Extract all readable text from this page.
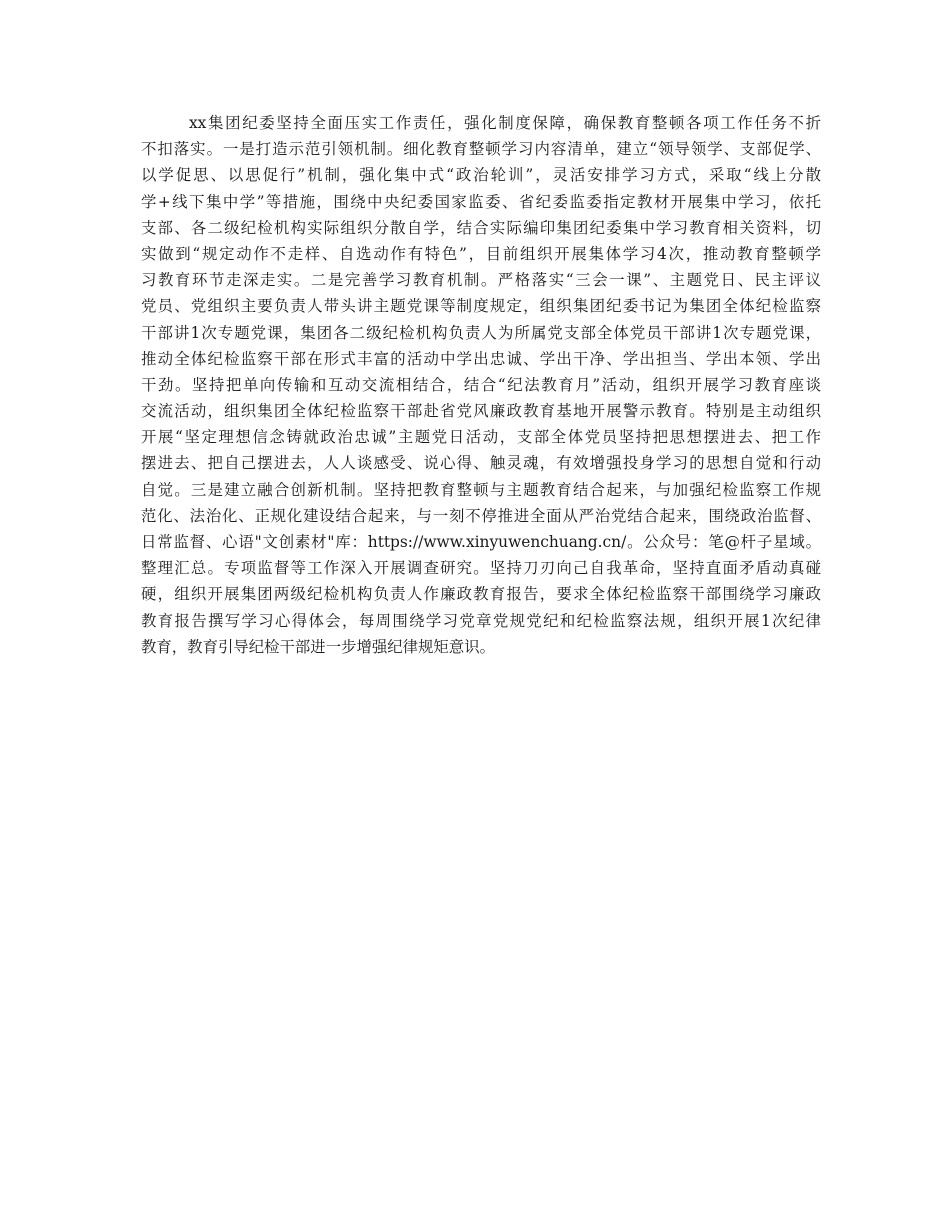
xx集团纪委坚持全面压实工作责任，强化制度保障，确保教育整顿各项工作任务不折
不扣落实。一是打造示范引领机制。细化教育整顿学习内容清单，建立“领导领学、支部促学、
以学促思、以思促行”机制，强化集中式“政治轮训”，灵活安排学习方式，采取“线上分散
学+线下集中学”等措施，围绕中央纪委国家监委、省纪委监委指定教材开展集中学习，依托
支部、各二级纪检机构实际组织分散自学，结合实际编印集团纪委集中学习教育相关资料，切
实做到“规定动作不走样、自选动作有特色”，目前组织开展集体学习4次，推动教育整顿学
习教育环节走深走实。二是完善学习教育机制。严格落实“三会一课”、主题党日、民主评议
党员、党组织主要负责人带头讲主题党课等制度规定，组织集团纪委书记为集团全体纪检监察
干部讲1次专题党课，集团各二级纪检机构负责人为所属党支部全体党员干部讲1次专题党课，
推动全体纪检监察干部在形式丰富的活动中学出忠诚、学出干净、学出担当、学出本领、学出
干劲。坚持把单向传输和互动交流相结合，结合“纪法教育月”活动，组织开展学习教育座谈
交流活动，组织集团全体纪检监察干部赴省党风廉政教育基地开展警示教育。特别是主动组织
开展“坚定理想信念铸就政治忠诚”主题党日活动，支部全体党员坚持把思想摆进去、把工作
摆进去、把自己摆进去，人人谈感受、说心得、触灵魂，有效增强投身学习的思想自觉和行动
自觉。三是建立融合创新机制。坚持把教育整顿与主题教育结合起来，与加强纪检监察工作规
范化、法治化、正规化建设结合起来，与一刻不停推进全面从严治党结合起来，围绕政治监督、
日常监督、心语"文创素材"库：https://www.xinyuwenchuang.cn/。公众号：笔@杆子星域。
整理汇总。专项监督等工作深入开展调查研究。坚持刀刃向己自我革命，坚持直面矛盾动真碰
硬，组织开展集团两级纪检机构负责人作廉政教育报告，要求全体纪检监察干部围绕学习廉政
教育报告撰写学习心得体会，每周围绕学习党章党规党纪和纪检监察法规，组织开展1次纪律
教育，教育引导纪检干部进一步增强纪律规矩意识。
